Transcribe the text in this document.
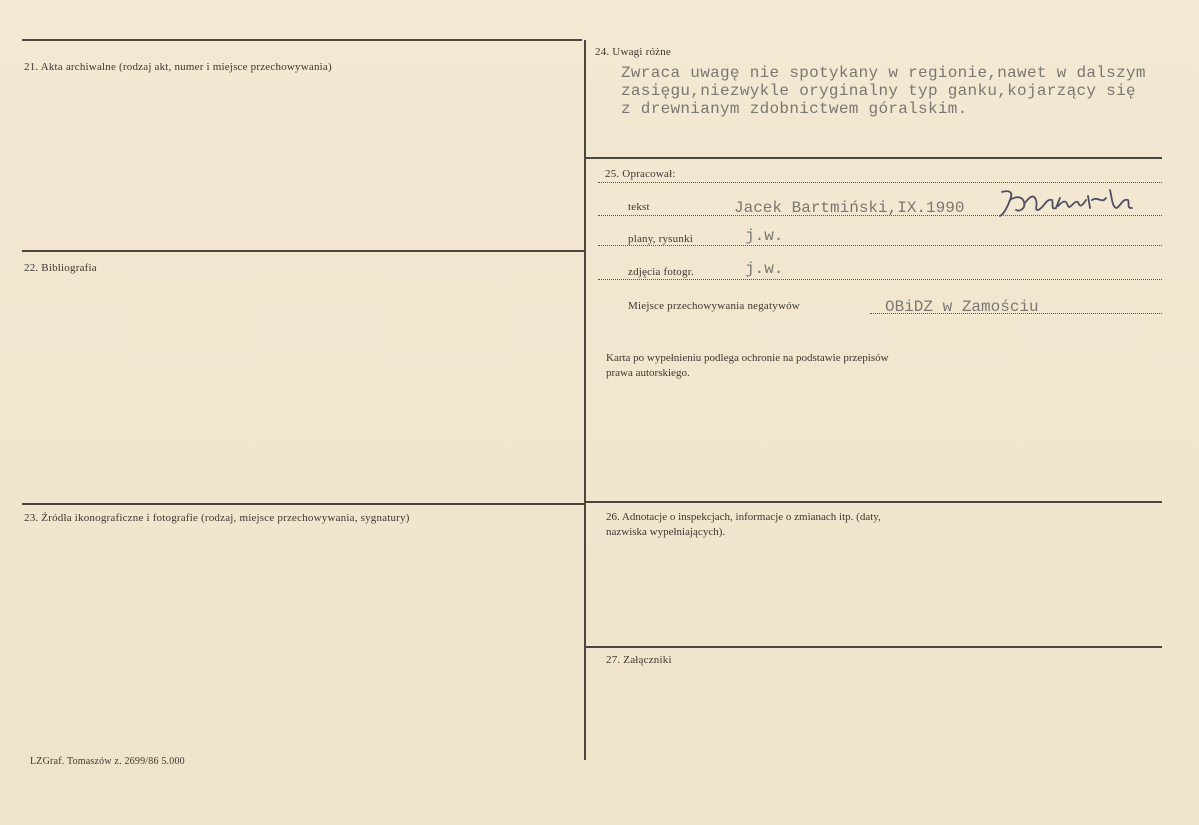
21. Akta archiwalne (rodzaj akt, numer i miejsce przechowywania)
22. Bibliografia
23. Źródła ikonograficzne i fotografie (rodzaj, miejsce przechowywania, sygnatury)
24. Uwagi różne
Zwraca uwagę nie spotykany w regionie,nawet w dalszym
zasięgu,niezwykle oryginalny typ ganku,kojarzący się
z drewnianym zdobnictwem góralskim.
25. Opracował:
tekst	Jacek Bartmiński,IX.1990
plany, rysunki	j.w.
zdjęcia fotogr.	j.w.
Miejsce przechowywania negatywów	OBiDZ w Zamościu
Karta po wypełnieniu podlega ochronie na podstawie przepisów
prawa autorskiego.
26. Adnotacje o inspekcjach, informacje o zmianach itp. (daty,
nazwiska wypełniających).
27. Załączniki
LZGraf. Tomaszów z. 2699/86 5.000
